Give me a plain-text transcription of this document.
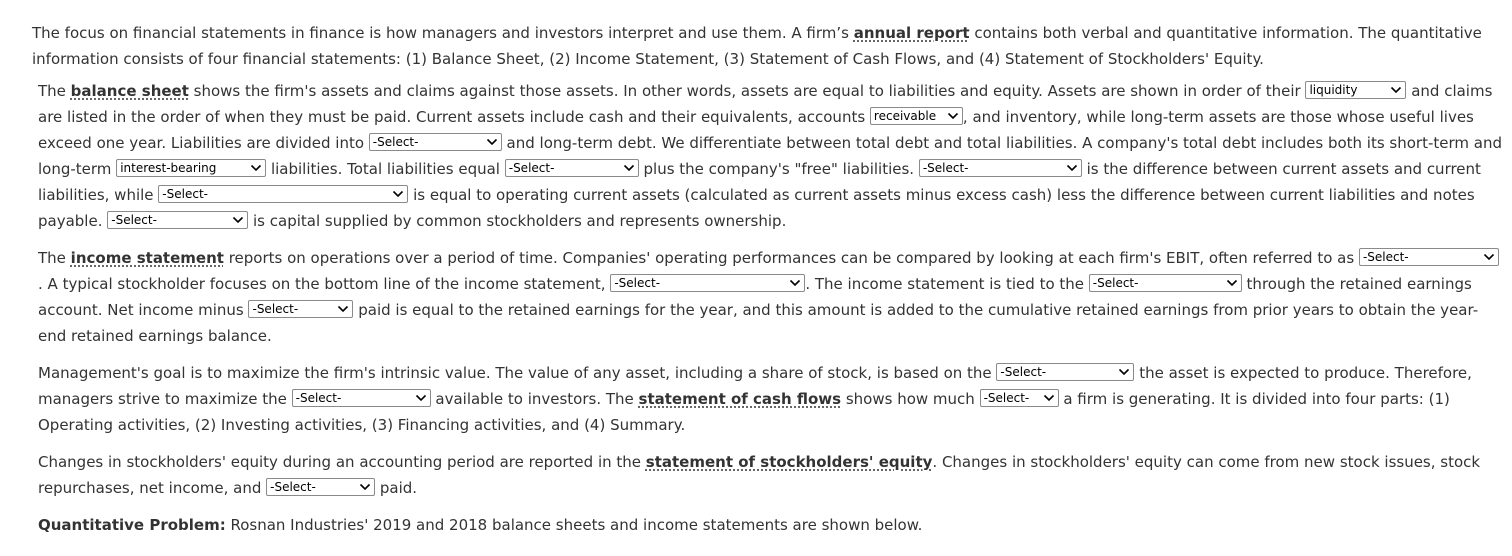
The focus on financial statements in finance is how managers and investors interpret and use them. A firm’s annual report contains both verbal and quantitative information. The quantitative information consists of four financial statements: (1) Balance Sheet, (2) Income Statement, (3) Statement of Cash Flows, and (4) Statement of Stockholders' Equity.

The balance sheet shows the firm's assets and claims against those assets. In other words, assets are equal to liabilities and equity. Assets are shown in order of their liquidity	and claims are listed in the order of when they must be paid. Current assets include cash and their equivalents, accounts receivable , and inventory, while long-term assets are those whose useful lives exceed one year. Liabilities are divided into -Select-	and long-term debt. We differentiate between total debt and total liabilities. A company's total debt includes both its short-term and long-term interest-bearing	liabilities. Total liabilities equal -Select-	plus the company's "free" liabilities. -Select-	is the difference between current assets and current liabilities, while -Select-	is equal to operating current assets (calculated as current assets minus excess cash) less the difference between current liabilities and notes payable. -Select-	is capital supplied by common stockholders and represents ownership.

The income statement reports on operations over a period of time. Companies' operating performances can be compared by looking at each firm's EBIT, often referred to as -Select-
. A typical stockholder focuses on the bottom line of the income statement, -Select-	. The income statement is tied to the -Select-	through the retained earnings account. Net income minus -Select-	paid is equal to the retained earnings for the year, and this amount is added to the cumulative retained earnings from prior years to obtain the year-end retained earnings balance.

Management's goal is to maximize the firm's intrinsic value. The value of any asset, including a share of stock, is based on the -Select-	the asset is expected to produce. Therefore, managers strive to maximize the -Select-	available to investors. The statement of cash flows shows how much -Select-
a firm is generating. It is divided into four parts: (1) Operating activities, (2) Investing activities, (3) Financing activities, and (4) Summary.

Changes in stockholders' equity during an accounting period are reported in the statement of stockholders' equity. Changes in stockholders' equity can come from new stock issues, stock repurchases, net income, and -Select-	paid.

Quantitative Problem: Rosnan Industries' 2019 and 2018 balance sheets and income statements are shown below.
